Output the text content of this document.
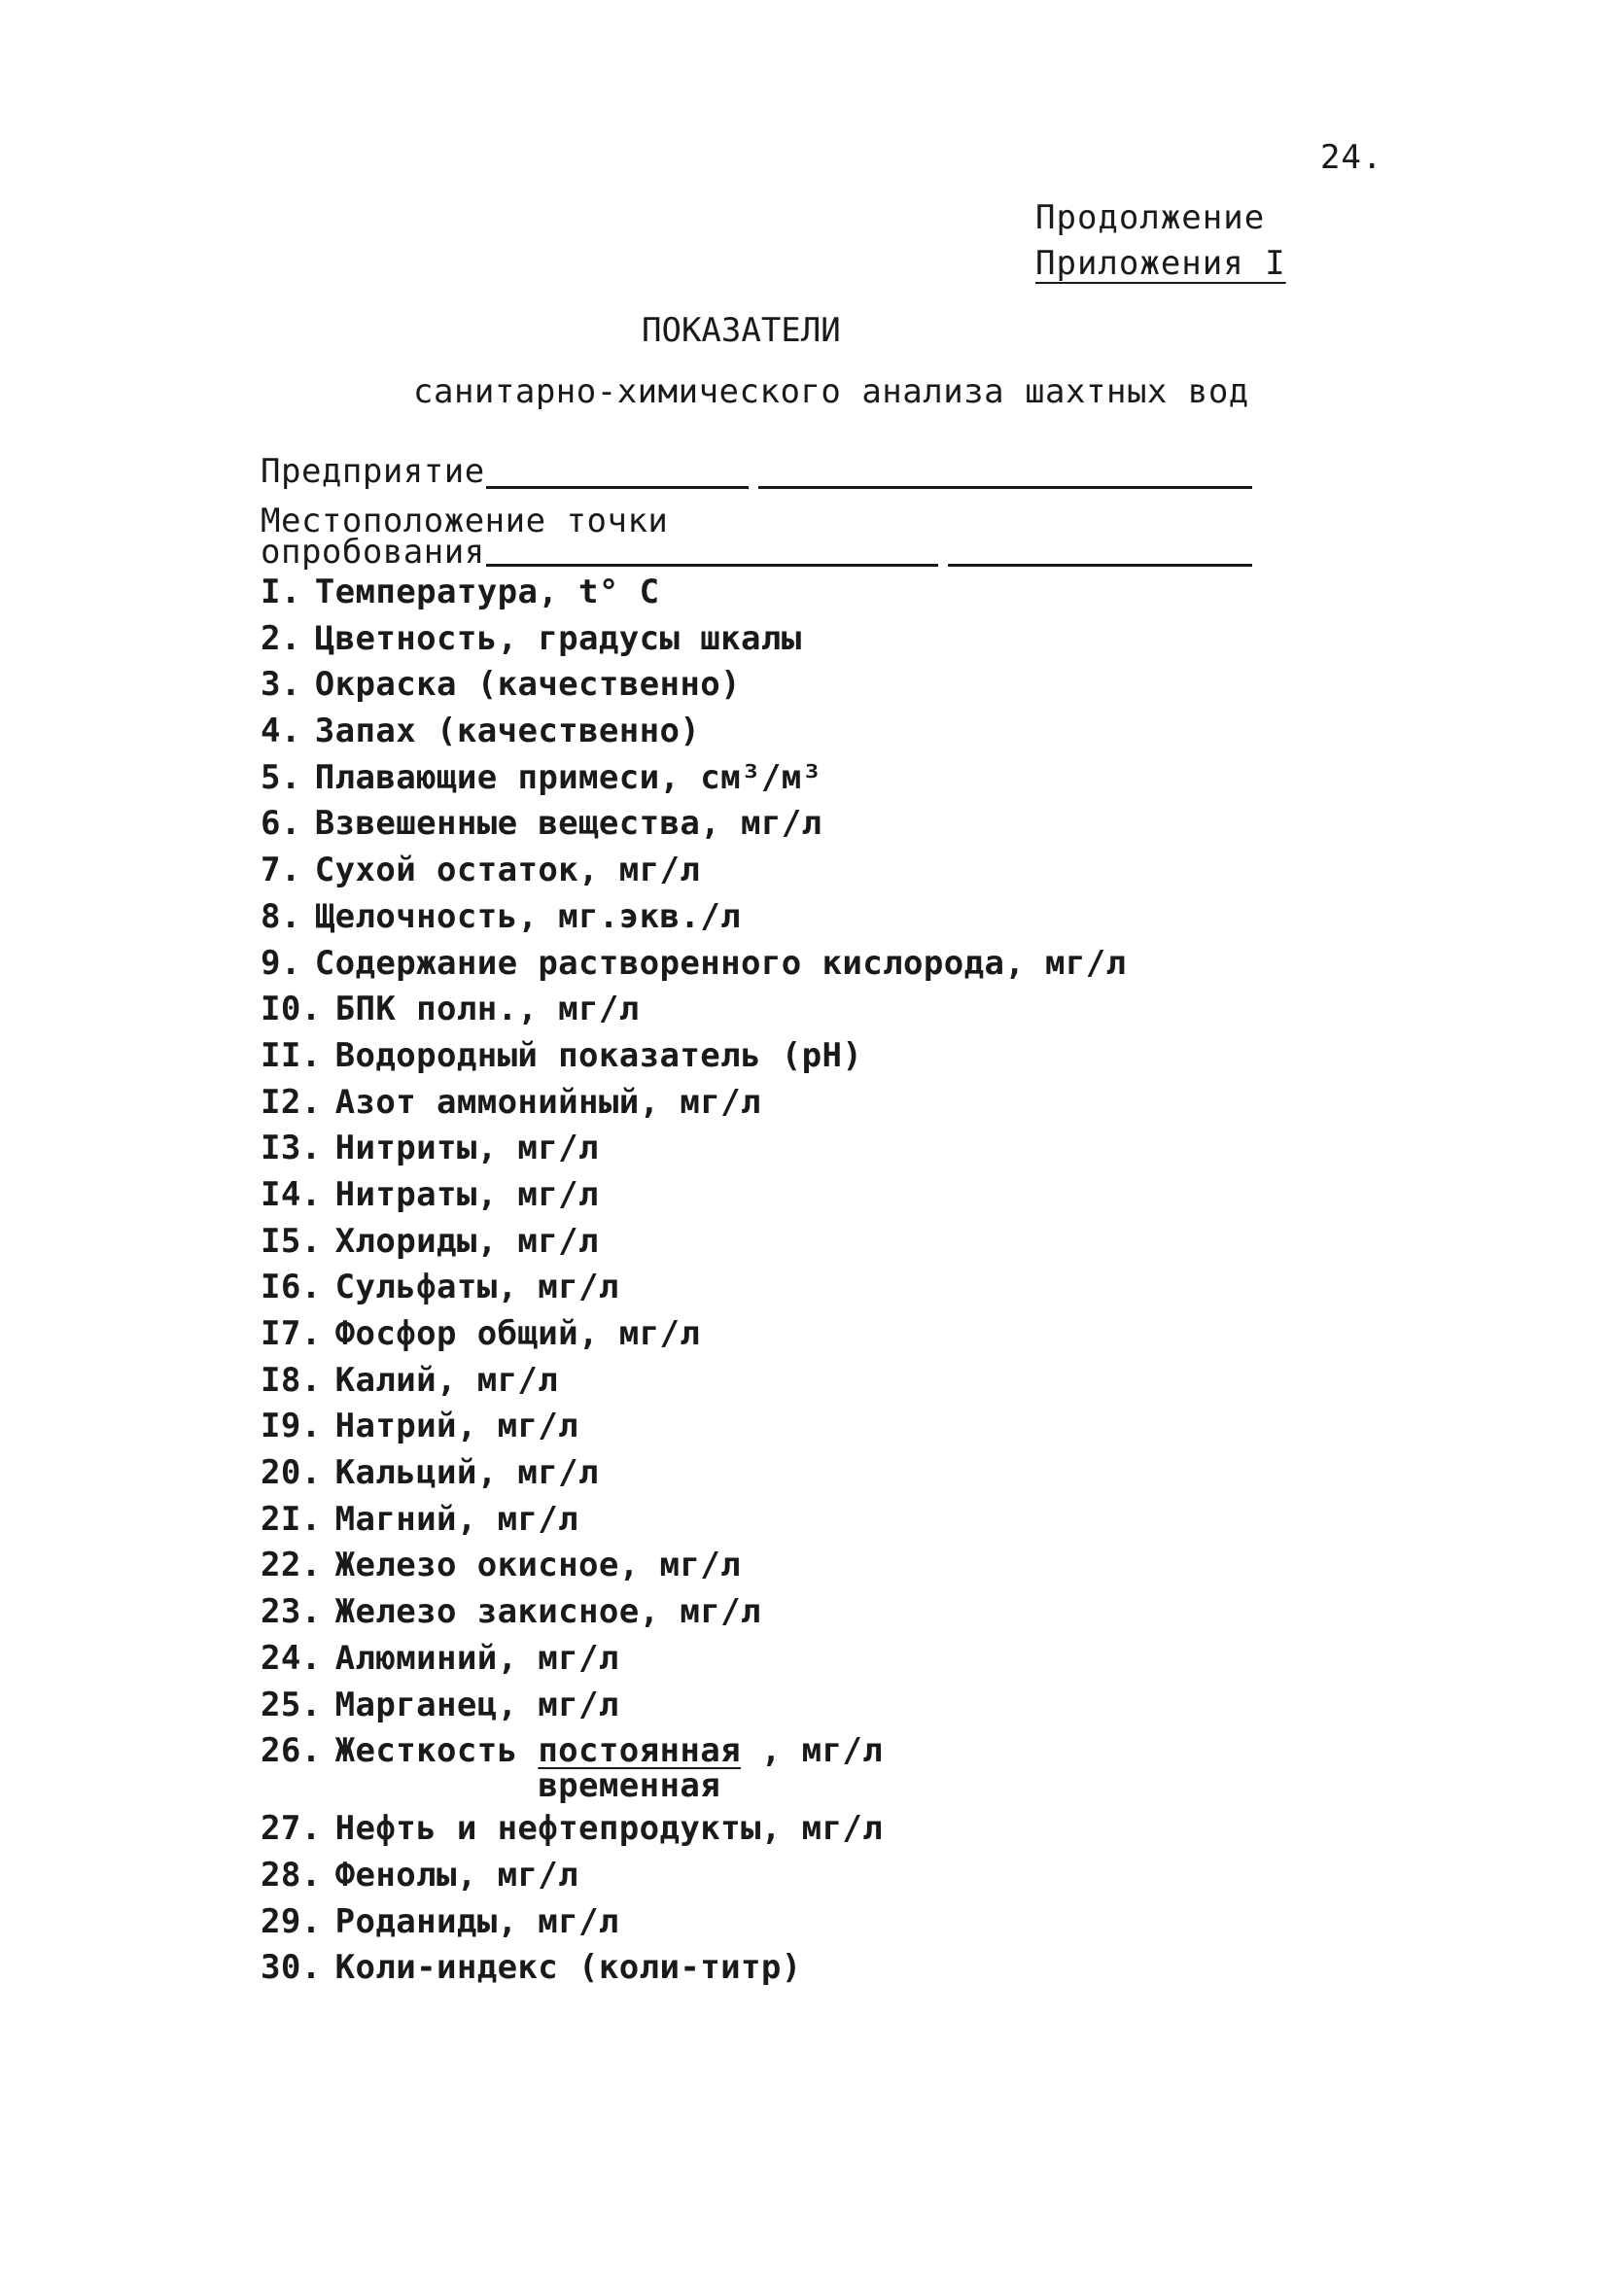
24.
Продолжение
Приложения I
ПОКАЗАТЕЛИ
санитарно-химического анализа шахтных вод
Предприятие
Местоположение точки
опробования
I. Температура, t° C
2. Цветность, градусы шкалы
3. Окраска (качественно)
4. Запах (качественно)
5. Плавающие примеси, см³/м³
6. Взвешенные вещества, мг/л
7. Сухой остаток, мг/л
8. Щелочность, мг.экв./л
9. Содержание растворенного кислорода, мг/л
I0. БПК полн., мг/л
II. Водородный показатель (pH)
I2. Азот аммонийный, мг/л
I3. Нитриты, мг/л
I4. Нитраты, мг/л
I5. Хлориды, мг/л
I6. Сульфаты, мг/л
I7. Фосфор общий, мг/л
I8. Калий, мг/л
I9. Натрий, мг/л
20. Кальций, мг/л
2I. Магний, мг/л
22. Железо окисное, мг/л
23. Железо закисное, мг/л
24. Алюминий, мг/л
25. Марганец, мг/л
26. Жесткость $\frac{\text{постоянная}}{\text{временная}}$ , мг/л
27. Нефть и нефтепродукты, мг/л
28. Фенолы, мг/л
29. Роданиды, мг/л
30. Коли-индекс (коли-титр)
